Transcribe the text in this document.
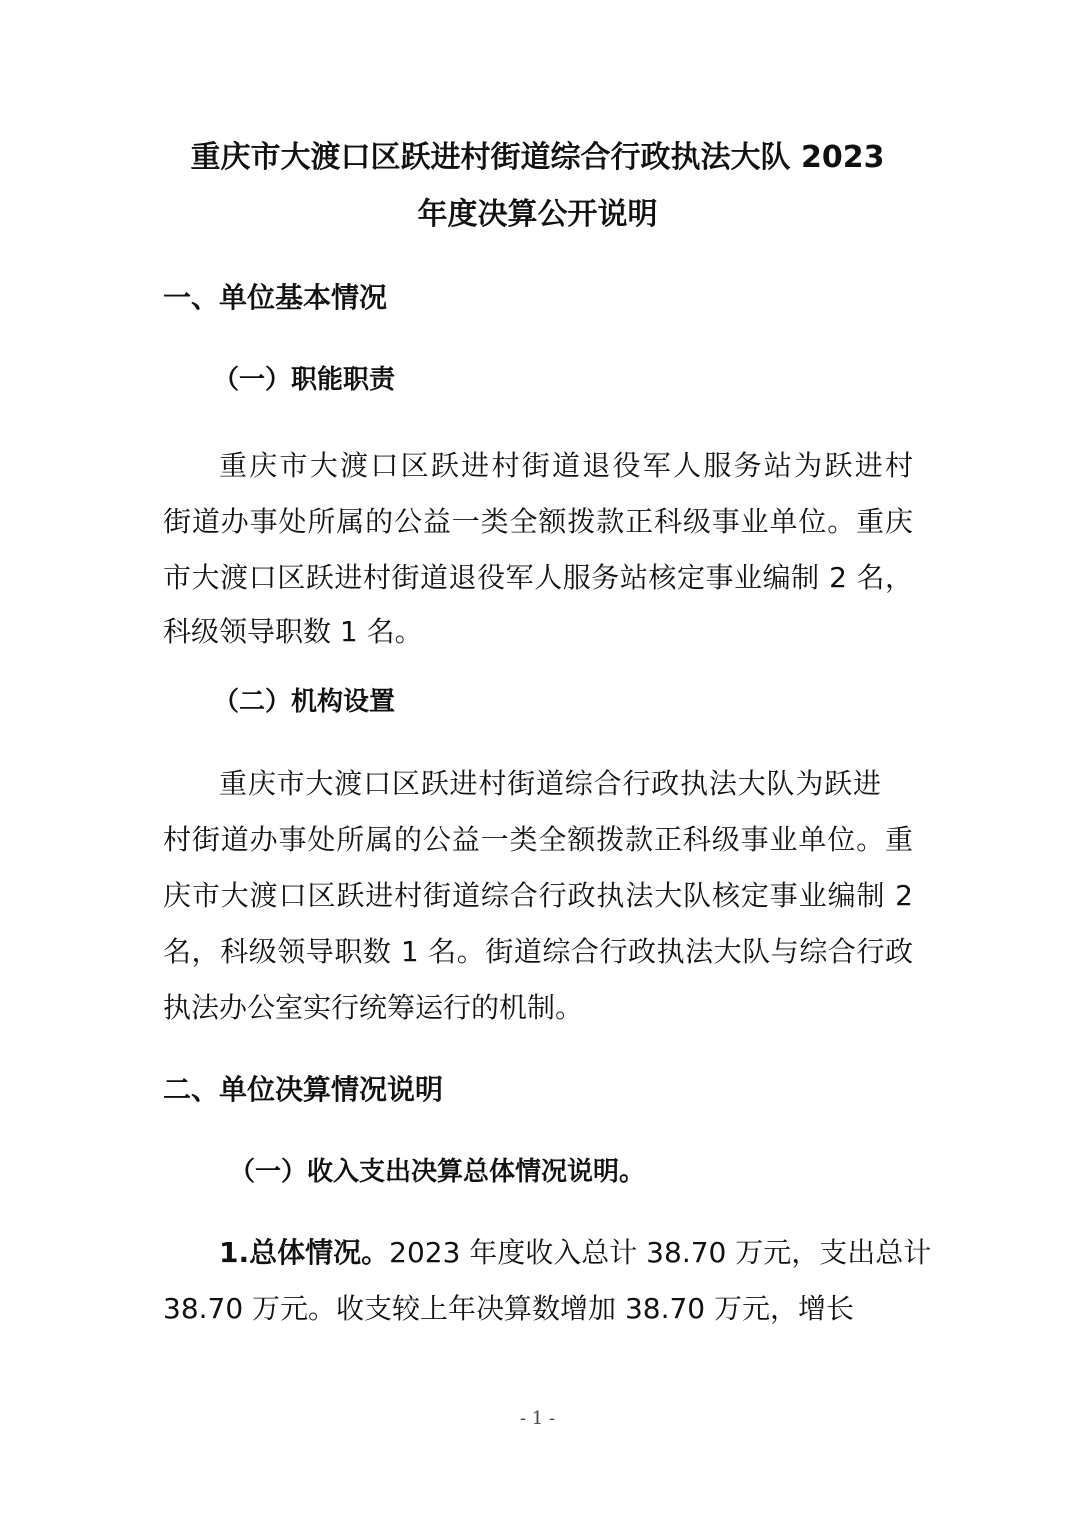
重庆市大渡口区跃进村街道综合行政执法大队 2023
年度决算公开说明
一、单位基本情况
（一）职能职责
重庆市大渡口区跃进村街道退役军人服务站为跃进村
街道办事处所属的公益一类全额拨款正科级事业单位。重庆
市大渡口区跃进村街道退役军人服务站核定事业编制 2 名，
科级领导职数 1 名。
（二）机构设置
重庆市大渡口区跃进村街道综合行政执法大队为跃进
村街道办事处所属的公益一类全额拨款正科级事业单位。重
庆市大渡口区跃进村街道综合行政执法大队核定事业编制 2
名，科级领导职数 1 名。街道综合行政执法大队与综合行政
执法办公室实行统筹运行的机制。
二、单位决算情况说明
（一）收入支出决算总体情况说明。
1.总体情况。2023 年度收入总计 38.70 万元，支出总计
38.70 万元。收支较上年决算数增加 38.70 万元，增长
- 1 -
